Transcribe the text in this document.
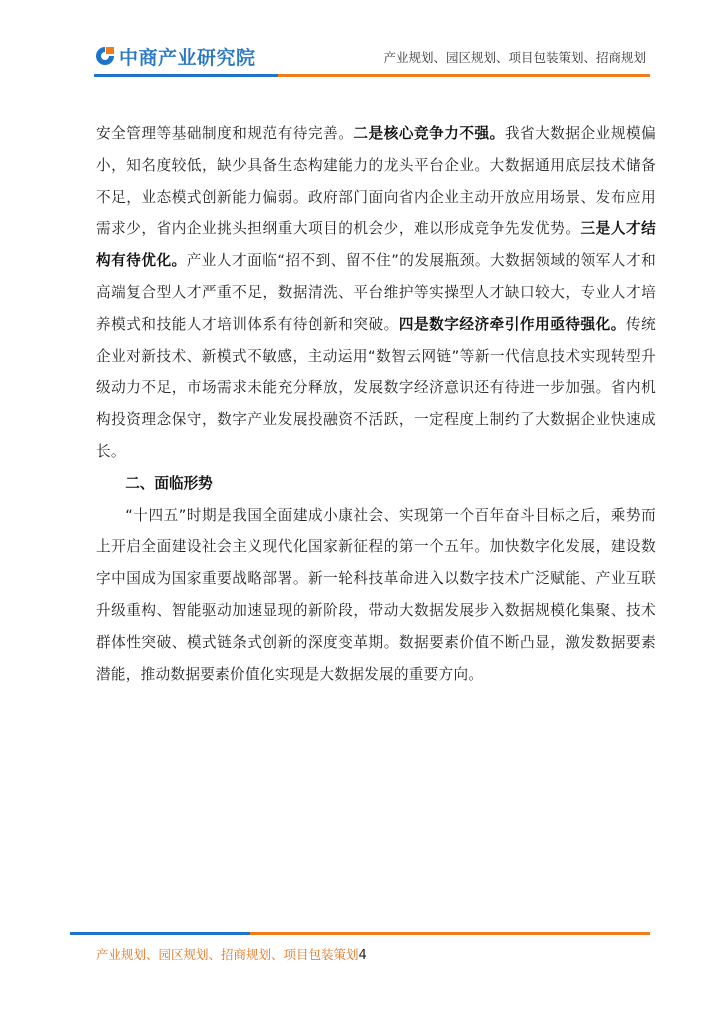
中商产业研究院	产业规划、园区规划、项目包装策划、招商规划

安全管理等基础制度和规范有待完善。二是核心竞争力不强。我省大数据企业规模偏小，知名度较低，缺少具备生态构建能力的龙头平台企业。大数据通用底层技术储备不足，业态模式创新能力偏弱。政府部门面向省内企业主动开放应用场景、发布应用需求少，省内企业挑头担纲重大项目的机会少，难以形成竞争先发优势。三是人才结构有待优化。产业人才面临“招不到、留不住”的发展瓶颈。大数据领域的领军人才和高端复合型人才严重不足，数据清洗、平台维护等实操型人才缺口较大，专业人才培养模式和技能人才培训体系有待创新和突破。四是数字经济牵引作用亟待强化。传统企业对新技术、新模式不敏感，主动运用“数智云网链”等新一代信息技术实现转型升级动力不足，市场需求未能充分释放，发展数字经济意识还有待进一步加强。省内机构投资理念保守，数字产业发展投融资不活跃，一定程度上制约了大数据企业快速成长。

二、面临形势

“十四五”时期是我国全面建成小康社会、实现第一个百年奋斗目标之后，乘势而上开启全面建设社会主义现代化国家新征程的第一个五年。加快数字化发展，建设数字中国成为国家重要战略部署。新一轮科技革命进入以数字技术广泛赋能、产业互联升级重构、智能驱动加速显现的新阶段，带动大数据发展步入数据规模化集聚、技术群体性突破、模式链条式创新的深度变革期。数据要素价值不断凸显，激发数据要素潜能，推动数据要素价值化实现是大数据发展的重要方向。

产业规划、园区规划、招商规划、项目包装策划4
